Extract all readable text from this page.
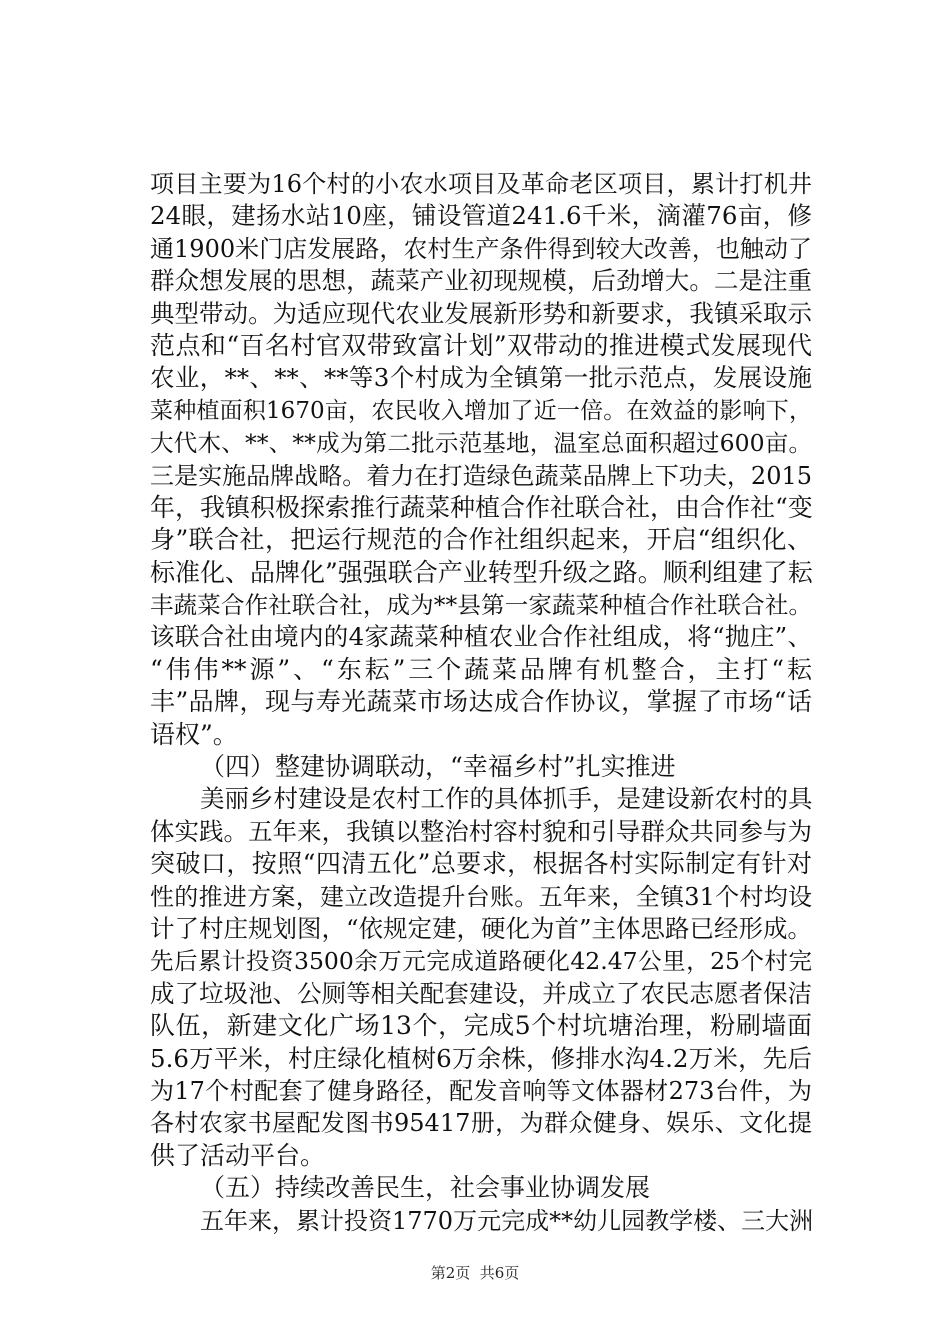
项目主要为16个村的小农水项目及革命老区项目，累计打机井
24眼，建扬水站10座，铺设管道241.6千米，滴灌76亩，修
通1900米门店发展路，农村生产条件得到较大改善，也触动了
群众想发展的思想，蔬菜产业初现规模，后劲增大。二是注重
典型带动。为适应现代农业发展新形势和新要求，我镇采取示
范点和“百名村官双带致富计划”双带动的推进模式发展现代
农业，**、**、**等3个村成为全镇第一批示范点，发展设施
菜种植面积1670亩，农民收入增加了近一倍。在效益的影响下，
大代木、**、**成为第二批示范基地，温室总面积超过600亩。
三是实施品牌战略。着力在打造绿色蔬菜品牌上下功夫，2015
年，我镇积极探索推行蔬菜种植合作社联合社，由合作社“变
身”联合社，把运行规范的合作社组织起来，开启“组织化、
标准化、品牌化”强强联合产业转型升级之路。顺利组建了耘
丰蔬菜合作社联合社，成为**县第一家蔬菜种植合作社联合社。
该联合社由境内的4家蔬菜种植农业合作社组成，将“抛庄”、
“伟伟**源”、“东耘”三个蔬菜品牌有机整合，主打“耘
丰”品牌，现与寿光蔬菜市场达成合作协议，掌握了市场“话
语权”。
（四）整建协调联动，“幸福乡村”扎实推进
美丽乡村建设是农村工作的具体抓手，是建设新农村的具
体实践。五年来，我镇以整治村容村貌和引导群众共同参与为
突破口，按照“四清五化”总要求，根据各村实际制定有针对
性的推进方案，建立改造提升台账。五年来，全镇31个村均设
计了村庄规划图，“依规定建，硬化为首”主体思路已经形成。
先后累计投资3500余万元完成道路硬化42.47公里，25个村完
成了垃圾池、公厕等相关配套建设，并成立了农民志愿者保洁
队伍，新建文化广场13个，完成5个村坑塘治理，粉刷墙面
5.6万平米，村庄绿化植树6万余株，修排水沟4.2万米，先后
为17个村配套了健身路径，配发音响等文体器材273台件，为
各村农家书屋配发图书95417册，为群众健身、娱乐、文化提
供了活动平台。
（五）持续改善民生，社会事业协调发展
五年来，累计投资1770万元完成**幼儿园教学楼、三大洲
第2页  共6页
